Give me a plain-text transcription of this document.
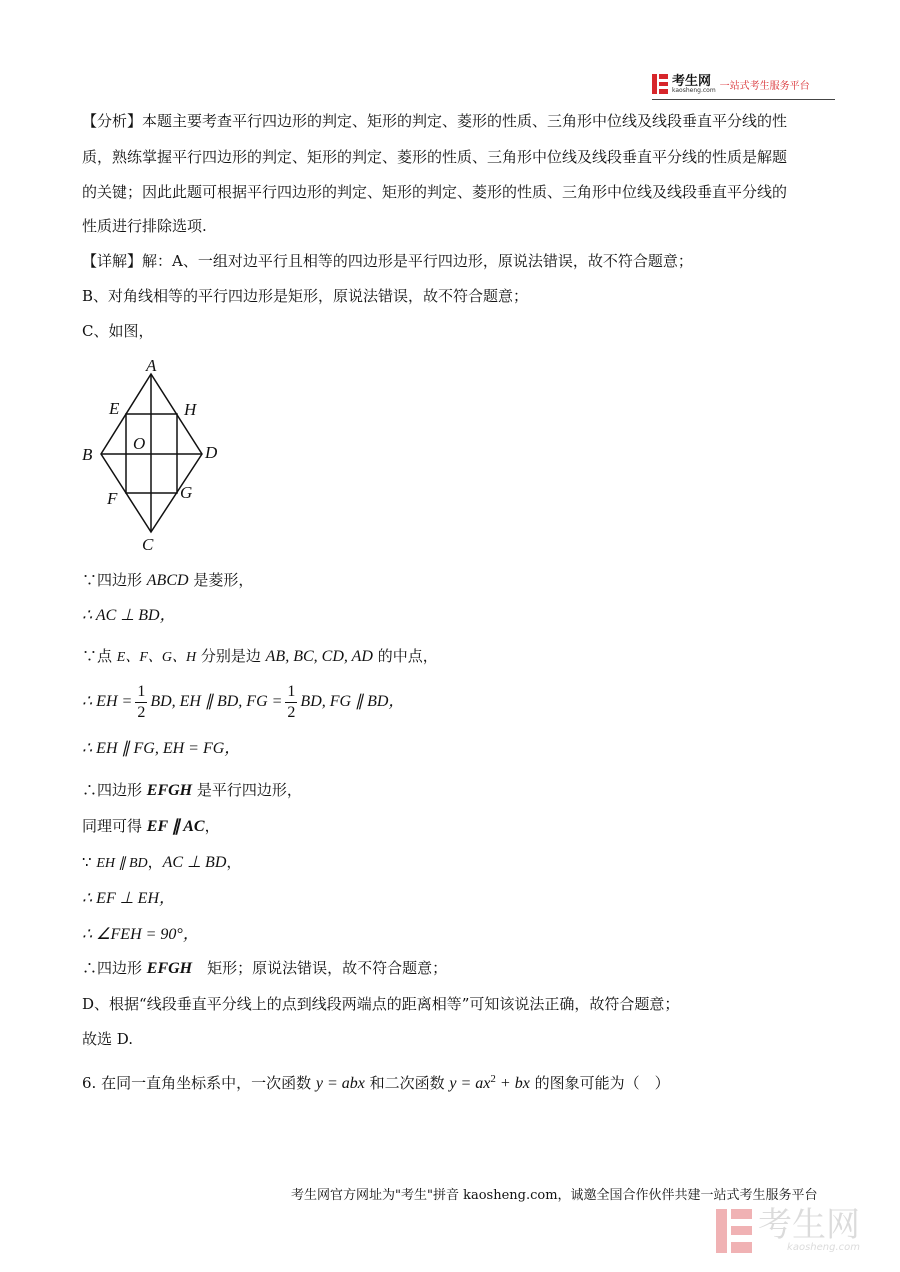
考生网
kaosheng.com 一站式考生服务平台
【分析】本题主要考查平行四边形的判定、矩形的判定、菱形的性质、三角形中位线及线段垂直平分线的性
质，熟练掌握平行四边形的判定、矩形的判定、菱形的性质、三角形中位线及线段垂直平分线的性质是解题
的关键；因此此题可根据平行四边形的判定、矩形的判定、菱形的性质、三角形中位线及线段垂直平分线的
性质进行排除选项.
【详解】解：A、一组对边平行且相等的四边形是平行四边形，原说法错误，故不符合题意；
B、对角线相等的平行四边形是矩形，原说法错误，故不符合题意；
C、如图，
A
B
C
D
E
F	G
H
O
∵四边形 ABCD 是菱形，
∴ AC ⊥ BD，
∵点 E、F、G、H 分别是边 AB, BC, CD, AD 的中点，
∴ EH = $\frac{1}{2}$ BD, EH ∥ BD, FG = $\frac{1}{2}$ BD, FG ∥ BD，
∴ EH ∥ FG, EH = FG，
∴四边形 EFGH 是平行四边形，
同理可得 EF ∥ AC，
∵ EH ∥ BD，AC ⊥ BD，
∴ EF ⊥ EH，
∴ ∠FEH = 90°，
∴四边形 EFGH　矩形；原说法错误，故不符合题意；
D、根据“线段垂直平分线上的点到线段两端点的距离相等”可知该说法正确，故符合题意；
故选 D.
6. 在同一直角坐标系中，一次函数 y = abx 和二次函数 $y = ax^2$ + bx 的图象可能为（　）
考生网官方网址为"考生"拼音 kaosheng.com，诚邀全国合作伙伴共建一站式考生服务平台
考生网
kaosheng.com
